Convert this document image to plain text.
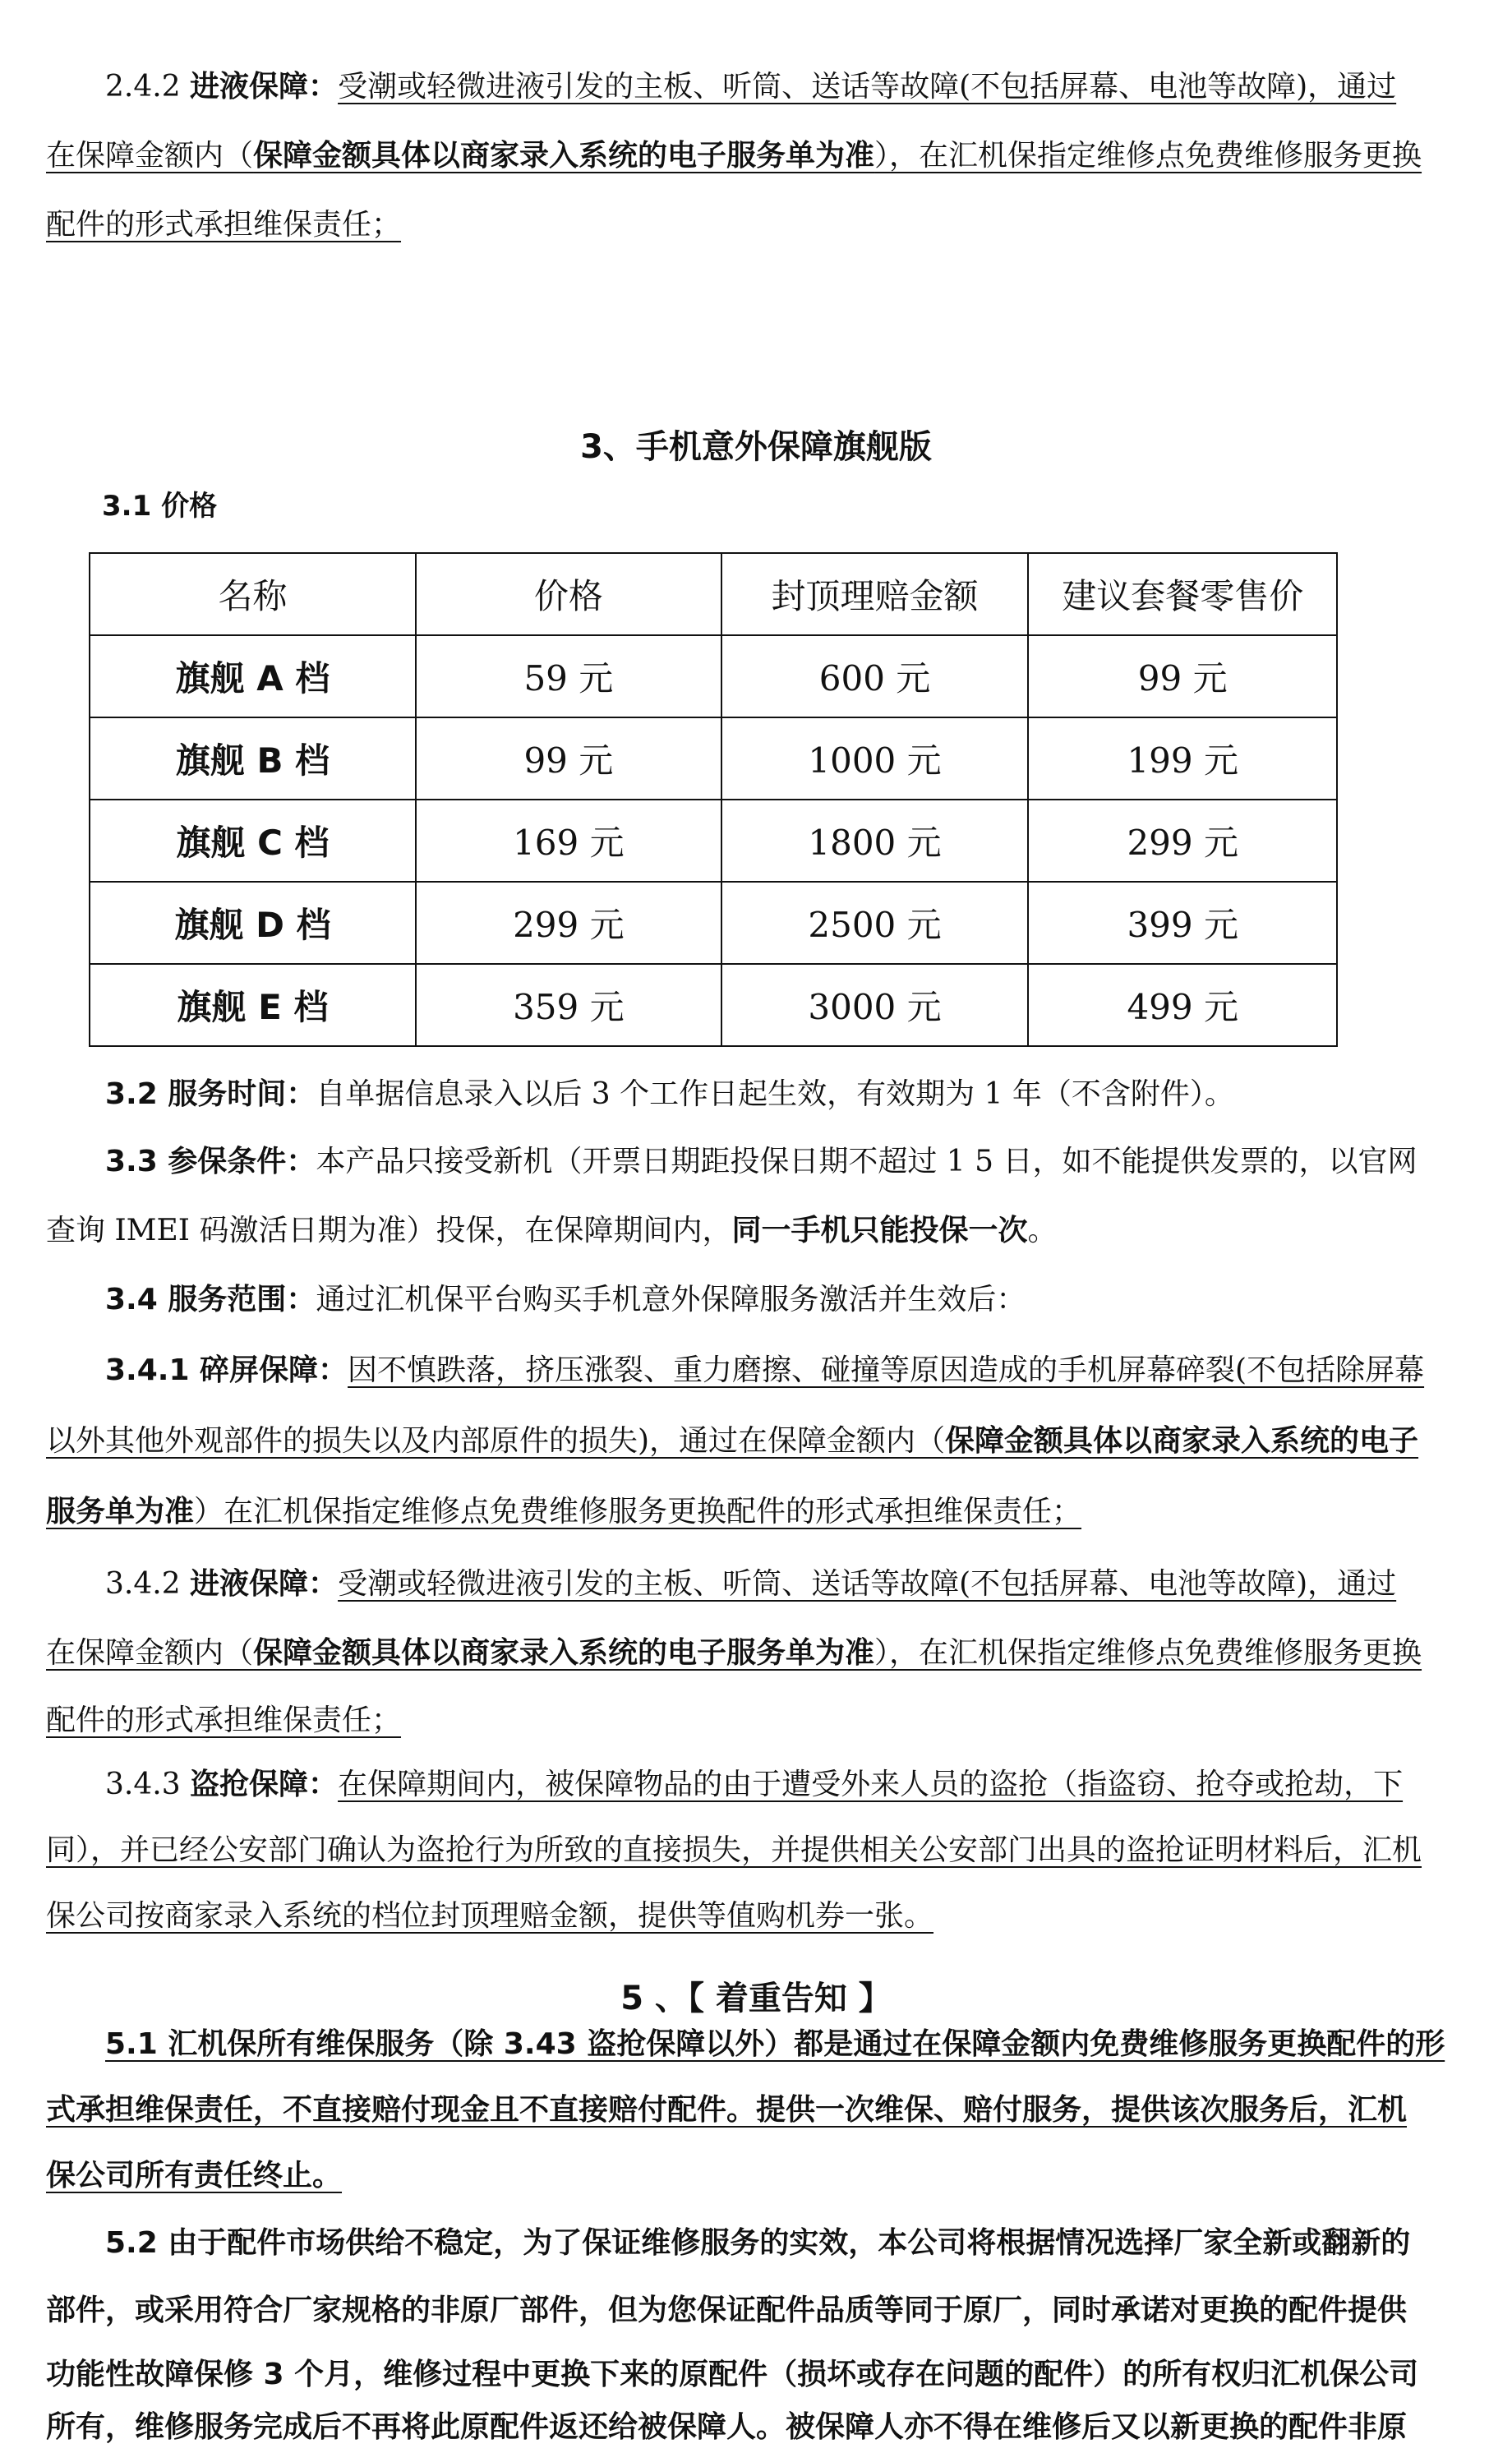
2.4.2 进液保障：受潮或轻微进液引发的主板、听筒、送话等故障(不包括屏幕、电池等故障)，通过
在保障金额内（保障金额具体以商家录入系统的电子服务单为准），在汇机保指定维修点免费维修服务更换
配件的形式承担维保责任；
3、手机意外保障旗舰版
3.1 价格
名称	价格	封顶理赔金额	建议套餐零售价
旗舰 A 档	59 元	600 元	99 元
旗舰 B 档	99 元	1000 元	199 元
旗舰 C 档	169 元	1800 元	299 元
旗舰 D 档	299 元	2500 元	399 元
旗舰 E 档	359 元	3000 元	499 元
3.2 服务时间：自单据信息录入以后 3 个工作日起生效，有效期为 1 年（不含附件）。
3.3 参保条件：本产品只接受新机（开票日期距投保日期不超过 1 5 日，如不能提供发票的，以官网
查询 IMEI 码激活日期为准）投保，在保障期间内，同一手机只能投保一次。
3.4 服务范围：通过汇机保平台购买手机意外保障服务激活并生效后：
3.4.1 碎屏保障：因不慎跌落，挤压涨裂、重力磨擦、碰撞等原因造成的手机屏幕碎裂(不包括除屏幕
以外其他外观部件的损失以及内部原件的损失)，通过在保障金额内（保障金额具体以商家录入系统的电子
服务单为准）在汇机保指定维修点免费维修服务更换配件的形式承担维保责任；
3.4.2 进液保障：受潮或轻微进液引发的主板、听筒、送话等故障(不包括屏幕、电池等故障)，通过
在保障金额内（保障金额具体以商家录入系统的电子服务单为准），在汇机保指定维修点免费维修服务更换
配件的形式承担维保责任；
3.4.3 盗抢保障：在保障期间内，被保障物品的由于遭受外来人员的盗抢（指盗窃、抢夺或抢劫，下
同），并已经公安部门确认为盗抢行为所致的直接损失，并提供相关公安部门出具的盗抢证明材料后，汇机
保公司按商家录入系统的档位封顶理赔金额，提供等值购机券一张。
5 、【 着重告知 】
5.1 汇机保所有维保服务（除 3.43 盗抢保障以外）都是通过在保障金额内免费维修服务更换配件的形
式承担维保责任，不直接赔付现金且不直接赔付配件。提供一次维保、赔付服务，提供该次服务后，汇机
保公司所有责任终止。
5.2 由于配件市场供给不稳定，为了保证维修服务的实效，本公司将根据情况选择厂家全新或翻新的
部件，或采用符合厂家规格的非原厂部件，但为您保证配件品质等同于原厂，同时承诺对更换的配件提供
功能性故障保修 3 个月，维修过程中更换下来的原配件（损坏或存在问题的配件）的所有权归汇机保公司
所有，维修服务完成后不再将此原配件返还给被保障人。被保障人亦不得在维修后又以新更换的配件非原
